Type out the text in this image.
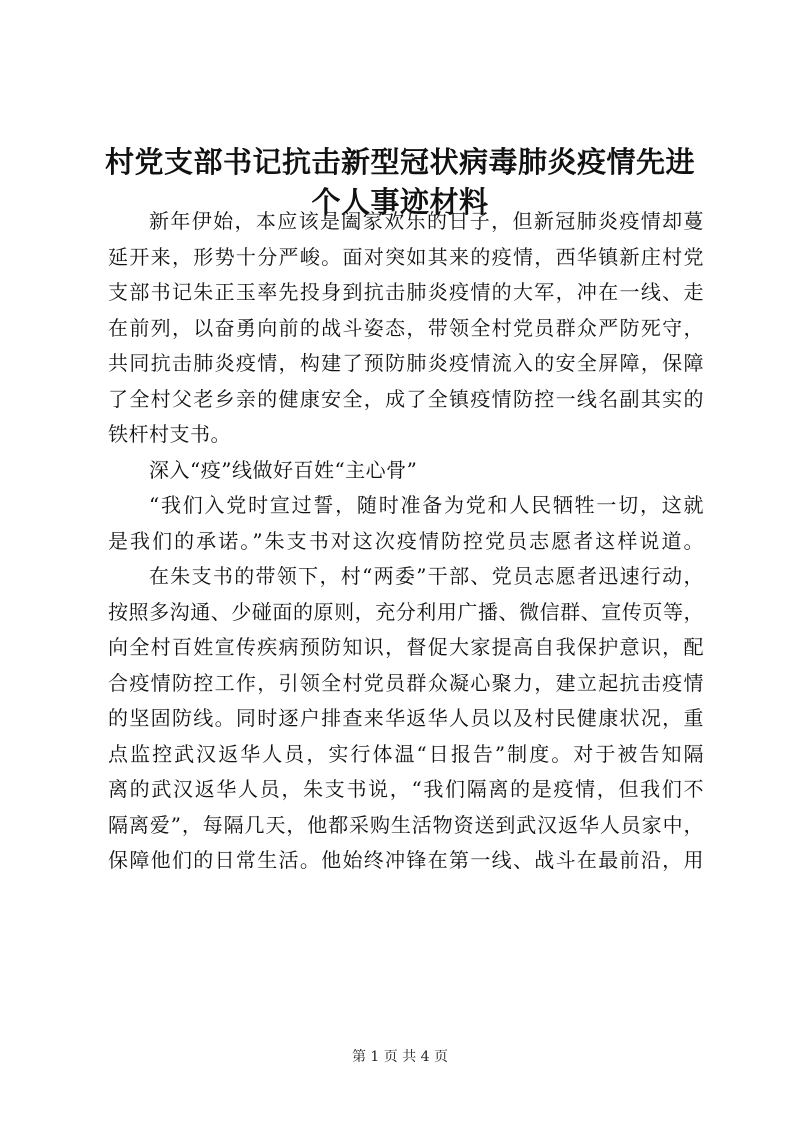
村党支部书记抗击新型冠状病毒肺炎疫情先进
个人事迹材料
新年伊始，本应该是阖家欢乐的日子，但新冠肺炎疫情却蔓
延开来，形势十分严峻。面对突如其来的疫情，西华镇新庄村党
支部书记朱正玉率先投身到抗击肺炎疫情的大军，冲在一线、走
在前列，以奋勇向前的战斗姿态，带领全村党员群众严防死守，
共同抗击肺炎疫情，构建了预防肺炎疫情流入的安全屏障，保障
了全村父老乡亲的健康安全，成了全镇疫情防控一线名副其实的
铁杆村支书。
深入“疫”线做好百姓“主心骨”
“我们入党时宣过誓，随时准备为党和人民牺牲一切，这就
是我们的承诺。”朱支书对这次疫情防控党员志愿者这样说道。
在朱支书的带领下，村“两委”干部、党员志愿者迅速行动，
按照多沟通、少碰面的原则，充分利用广播、微信群、宣传页等，
向全村百姓宣传疾病预防知识，督促大家提高自我保护意识，配
合疫情防控工作，引领全村党员群众凝心聚力，建立起抗击疫情
的坚固防线。同时逐户排查来华返华人员以及村民健康状况，重
点监控武汉返华人员，实行体温“日报告”制度。对于被告知隔
离的武汉返华人员，朱支书说，“我们隔离的是疫情，但我们不
隔离爱”，每隔几天，他都采购生活物资送到武汉返华人员家中，
保障他们的日常生活。他始终冲锋在第一线、战斗在最前沿，用
第 1 页 共 4 页
